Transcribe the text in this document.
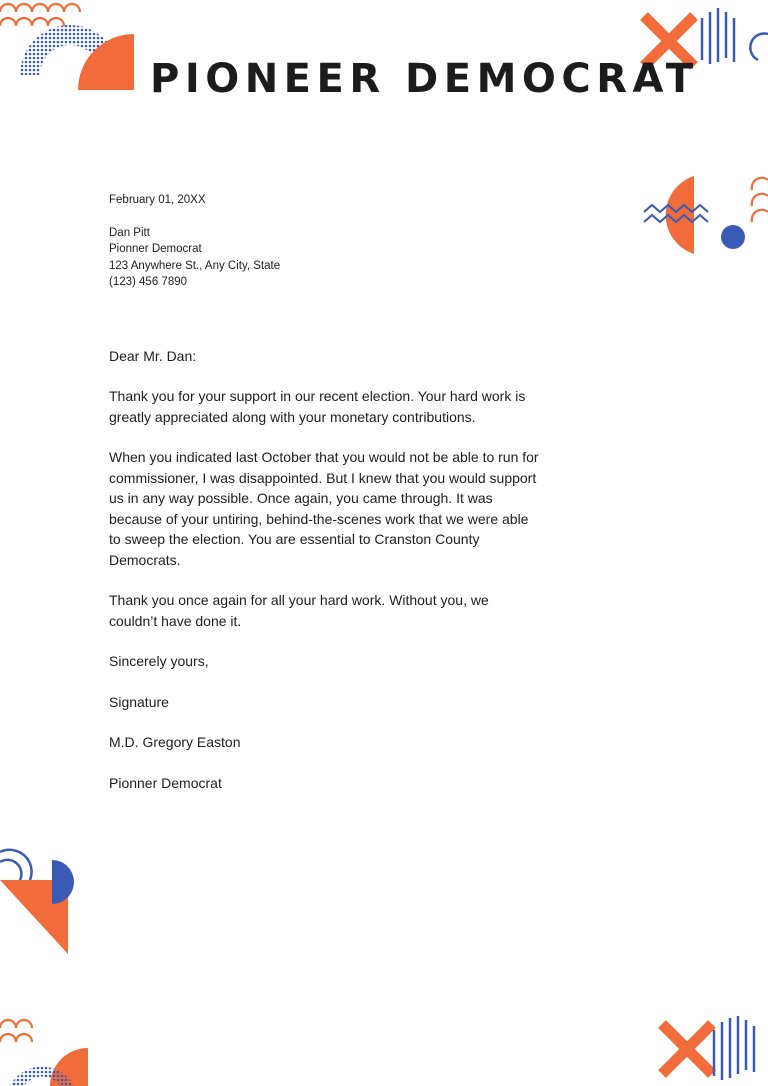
PIONEER DEMOCRAT

February 01, 20XX

Dan Pitt

Pionner Democrat

123 Anywhere St., Any City, State

(123) 456 7890

Dear Mr. Dan:

Thank you for your support in our recent election. Your hard work is greatly appreciated along with your monetary contributions.

When you indicated last October that you would not be able to run for commissioner, I was disappointed. But I knew that you would support us in any way possible. Once again, you came through. It was because of your untiring, behind-the-scenes work that we were able to sweep the election. You are essential to Cranston County Democrats.

Thank you once again for all your hard work. Without you, we couldn’t have done it.

Sincerely yours,

Signature

M.D. Gregory Easton

Pionner Democrat
